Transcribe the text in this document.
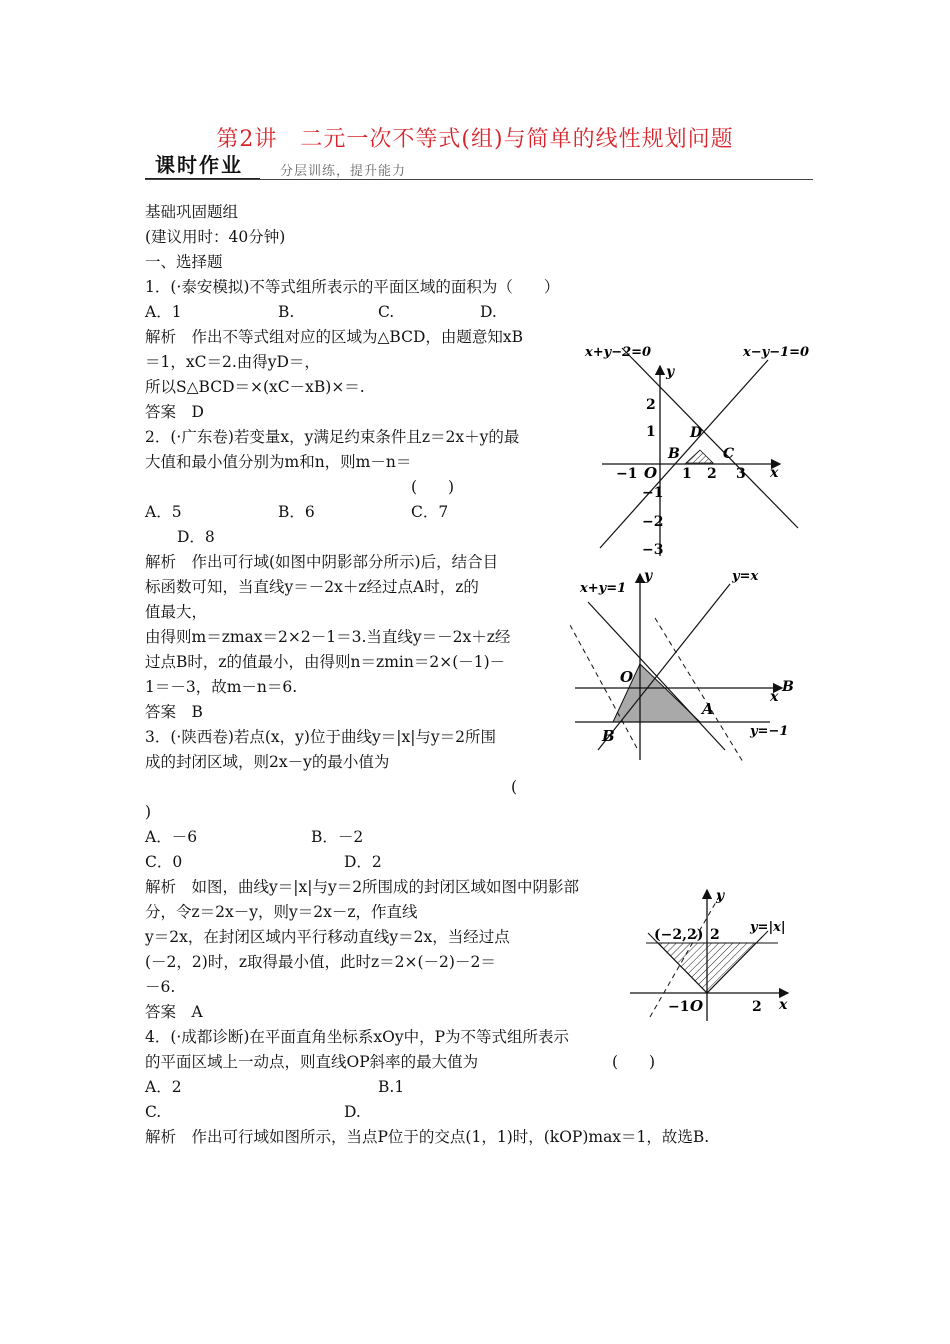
第2讲　二元一次不等式(组)与简单的线性规划问题
课时作业	分层训练，提升能力
基础巩固题组
(建议用时：40分钟)
一、选择题
1．(·泰安模拟)不等式组所表示的平面区域的面积为（　　）
A．1	B.	C.	D.
解析　作出不等式组对应的区域为△BCD，由题意知xB
＝1，xC＝2.由得yD＝，
所以S△BCD＝×(xC－xB)×＝.
答案　D
2．(·广东卷)若变量x，y满足约束条件且z＝2x＋y的最
大值和最小值分别为m和n，则m－n＝
(　　)
A．5	B．6	C．7
D．8
解析　作出可行域(如图中阴影部分所示)后，结合目
标函数可知，当直线y＝－2x＋z经过点A时，z的
值最大，
由得则m＝zmax＝2×2－1＝3.当直线y＝－2x＋z经
过点B时，z的值最小，由得则n＝zmin＝2×(－1)－
1＝－3，故m－n＝6.
答案　B
3．(·陕西卷)若点(x，y)位于曲线y＝|x|与y＝2所围
成的封闭区域，则2x－y的最小值为
(
)
A．－6	B．－2
C．0	D．2
解析　如图，曲线y＝|x|与y＝2所围成的封闭区域如图中阴影部
分，令z＝2x－y，则y＝2x－z，作直线
y＝2x，在封闭区域内平行移动直线y＝2x，当经过点
(－2，2)时，z取得最小值，此时z＝2×(－2)－2＝
－6.
答案　A
4．(·成都诊断)在平面直角坐标系xOy中，P为不等式组所表示
的平面区域上一动点，则直线OP斜率的最大值为	(　　)
A．2	B.1
C.	D.
解析　作出可行域如图所示，当点P位于的交点(1，1)时，(kOP)max＝1，故选B.
x+y−2=0	x−y−1=0
y
x
O
B	C
D
2
1
−1
−2
−3
−1	1 2 3
x+y=1
y=x
y=−1
y
x
O
A
B
B
y
x
O
(−2,2) 2 y=|x|
−1	2
